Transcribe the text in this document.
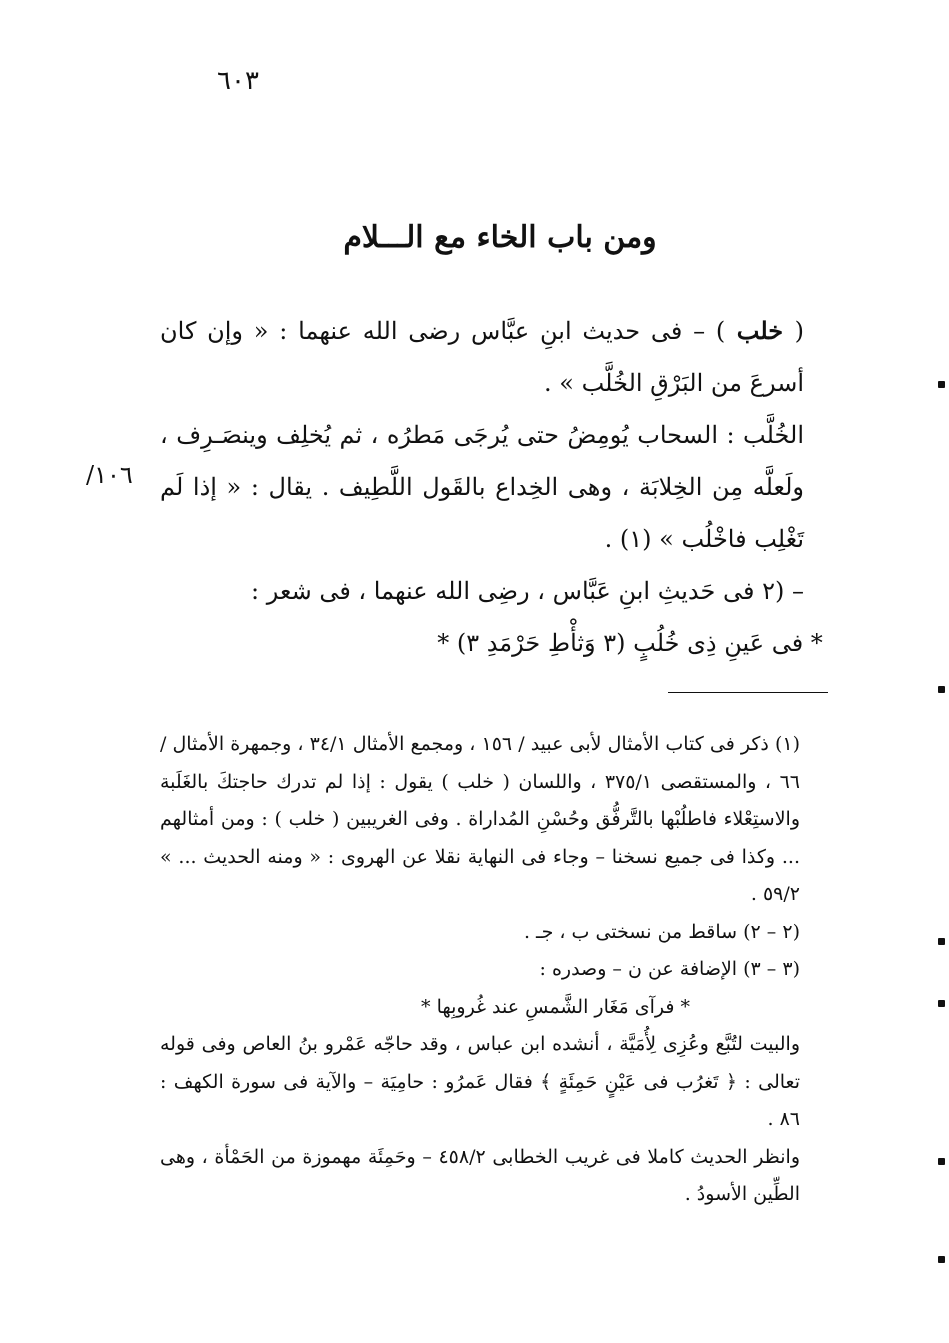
٦٠٣
ومن باب الخاء مع الـــلام
١٠٦/

( خلب ) – فى حديث ابنِ عبَّاس رضى الله عنهما : « وإن كان أسرعَ من البَرْقِ الخُلَّب » .

الخُلَّب : السحاب يُومِضُ حتى يُرجَى مَطرُه ، ثم يُخلِف وينصَـرِف ، ولَعلَّه مِن الخِلابَة ، وهى الخِداع بالقَول اللَّطِيف . يقال : « إذا لَم تَغْلِب فاخْلُب » (١) .

– (٢ فى حَديثِ ابنِ عَبَّاس ، رضِى الله عنهما ، فى شعر :

* فى عَينِ ذِى خُلُبٍ (٣ وَثأْطِ حَرْمَدِ ٣) *

(١) ذكر فى كتاب الأمثال لأبى عبيد / ١٥٦ ، ومجمع الأمثال ٣٤/١ ، وجمهرة الأمثال / ٦٦ ، والمستقصى ٣٧٥/١ ، واللسان ( خلب ) يقول : إذا لم تدرك حاجتكَ بالغَلَبة والاستِعْلاء فاطلُبْها بالتَّرفُّق وحُسْنِ المُداراة . وفى الغريبين ( خلب ) : ومن أمثالهم ... وكذا فى جميع نسخنا – وجاء فى النهاية نقلا عن الهروى : « ومنه الحديث ... » ٥٩/٢ .

(٢ – ٢) ساقط من نسختى ب ، جـ .

(٣ – ٣) الإضافة عن ن – وصدره :

* فرآى مَغَار الشَّمسِ عند غُروبِها *

والبيت لتُبَّع وعُزِى لِأُمَيَّة ، أنشده ابن عباس ، وقد حاجّه عَمْرو بنُ العاص وفى قوله تعالى : ﴿ تَغرُب فى عَيْنٍ حَمِئَةٍ ﴾ فقال عَمرُو : حامِيَة – والآية فى سورة الكهف : ٨٦ .

وانظر الحديث كاملا فى غريب الخطابى ٤٥٨/٢ – وحَمِئَة مهموزة من الحَمْأة ، وهى الطِّين الأسودُ .
